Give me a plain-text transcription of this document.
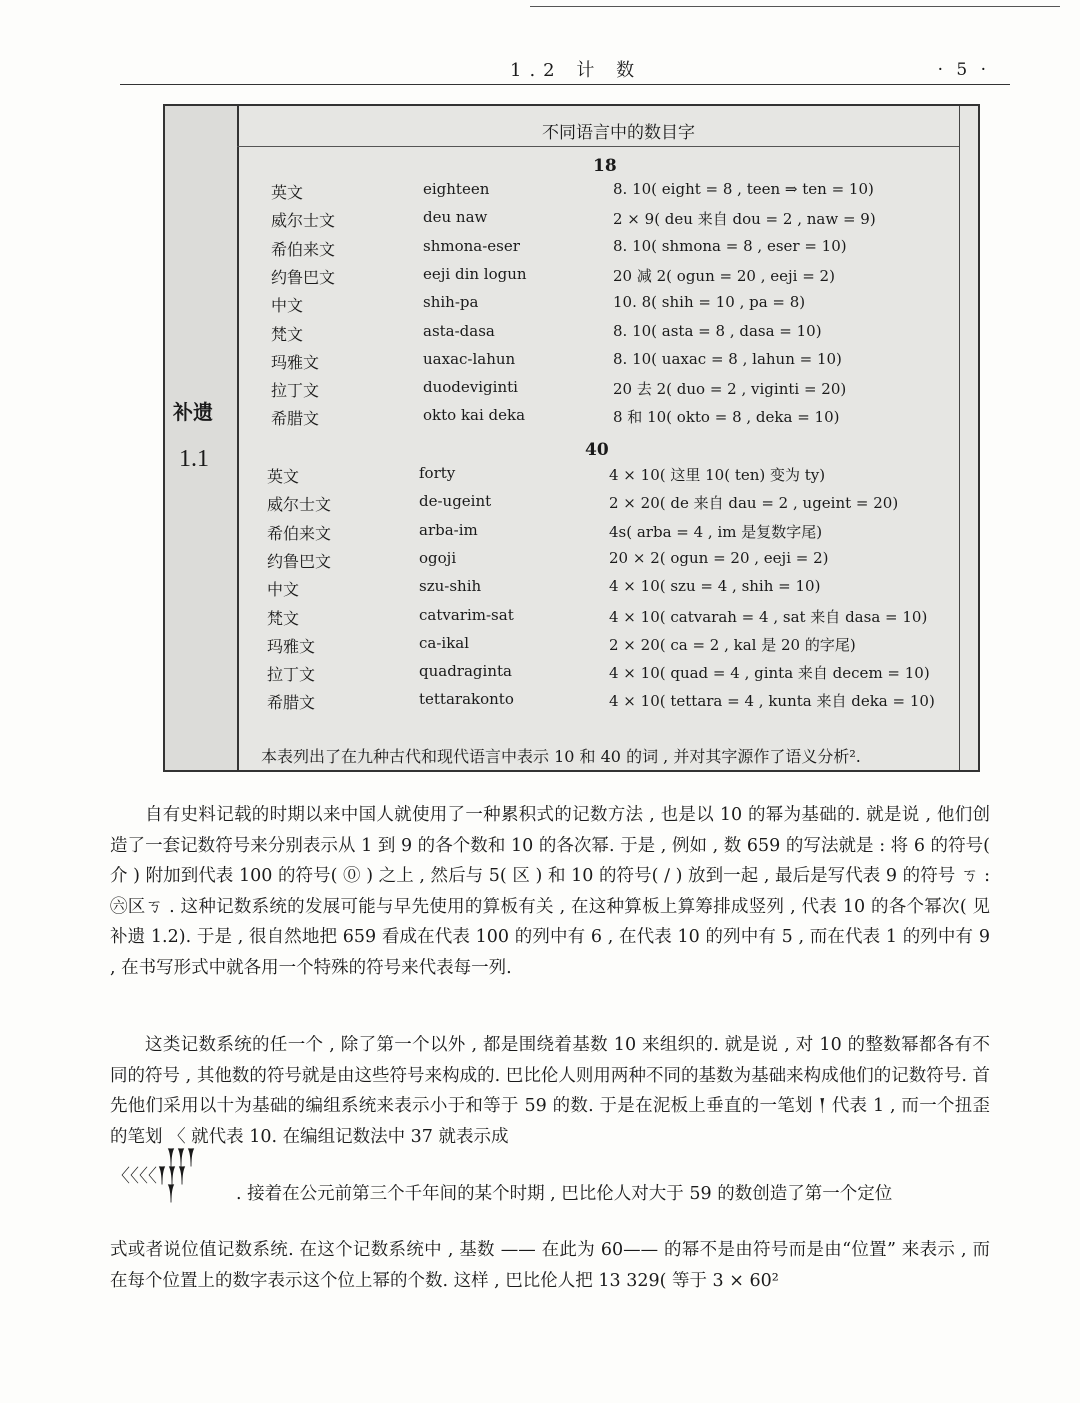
1.2 计 数	· 5 ·
补遗
1.1
不同语言中的数目字
18
英文	eighteen	8. 10( eight = 8 , teen ⇒ ten = 10)
威尔士文	deu naw	2 × 9( deu 来自 dou = 2 , naw = 9)
希伯来文	shmona-eser	8. 10( shmona = 8 , eser = 10)
约鲁巴文	eeji din logun	20 减 2( ogun = 20 , eeji = 2)
中文	shih-pa	10. 8( shih = 10 , pa = 8)
梵文	asta-dasa	8. 10( asta = 8 , dasa = 10)
玛雅文	uaxac-lahun	8. 10( uaxac = 8 , lahun = 10)
拉丁文	duodeviginti	20 去 2( duo = 2 , viginti = 20)
希腊文	okto kai deka	8 和 10( okto = 8 , deka = 10)
40
英文	forty	4 × 10( 这里 10( ten) 变为 ty)
威尔士文	de-ugeint	2 × 20( de 来自 dau = 2 , ugeint = 20)
希伯来文	arba-im	4s( arba = 4 , im 是复数字尾)
约鲁巴文	ogoji	20 × 2( ogun = 20 , eeji = 2)
中文	szu-shih	4 × 10( szu = 4 , shih = 10)
梵文	catvarim-sat	4 × 10( catvarah = 4 , sat 来自 dasa = 10)
玛雅文	ca-ikal	2 × 20( ca = 2 , kal 是 20 的字尾)
拉丁文	quadraginta	4 × 10( quad = 4 , ginta 来自 decem = 10)
希腊文	tettarakonto	4 × 10( tettara = 4 , kunta 来自 deka = 10)
本表列出了在九种古代和现代语言中表示 10 和 40 的词 , 并对其字源作了语义分析².

自有史料记载的时期以来中国人就使用了一种累积式的记数方法 , 也是以 10 的幂为基础的. 就是说 , 他们创造了一套记数符号来分别表示从 1 到 9 的各个数和 10 的各次幂. 于是 , 例如 , 数 659 的写法就是 : 将 6 的符号( 介 ) 附加到代表 100 的符号( ⓪ ) 之上 , 然后与 5( 区 ) 和 10 的符号( ∕ ) 放到一起 , 最后是写代表 9 的符号 ㄎ : ㊅区ㄎ . 这种记数系统的发展可能与早先使用的算板有关 , 在这种算板上算筹排成竖列 , 代表 10 的各个幂次( 见补遗 1.2). 于是 , 很自然地把 659 看成在代表 100 的列中有 6 , 在代表 10 的列中有 5 , 而在代表 1 的列中有 9 , 在书写形式中就各用一个特殊的符号来代表每一列.

这类记数系统的任一个 , 除了第一个以外 , 都是围绕着基数 10 来组织的. 就是说 , 对 10 的整数幂都各有不同的符号 , 其他数的符号就是由这些符号来构成的. 巴比伦人则用两种不同的基数为基础来构成他们的记数符号. 首先他们采用以十为基础的编组系统来表示小于和等于 59 的数. 于是在泥板上垂直的一笔划 𒁹 代表 1 , 而一个扭歪的笔划 〈 就代表 10. 在编组记数法中 37 就表示成

𒐕𒐕𒐕
〈〈〈〈𒐕𒐕𒐕
𒐕	. 接着在公元前第三个千年间的某个时期 , 巴比伦人对大于 59 的数创造了第一个定位

式或者说位值记数系统. 在这个记数系统中 , 基数 —— 在此为 60—— 的幂不是由符号而是由“位置” 来表示 , 而在每个位置上的数字表示这个位上幂的个数. 这样 , 巴比伦人把 13 329( 等于 3 × 60²
